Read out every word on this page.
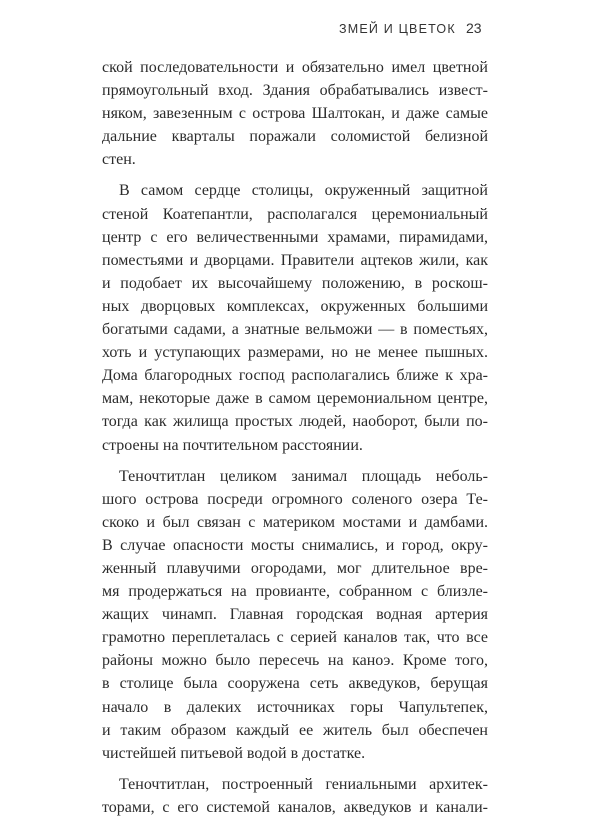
ЗМЕЙ И ЦВЕТОК 23
ской последовательности и обязательно имел цветной
прямоугольный вход. Здания обрабатывались извест-
няком, завезенным с острова Шалтокан, и даже самые
дальние кварталы поражали соломистой белизной
стен.
В самом сердце столицы, окруженный защитной
стеной Коатепантли, располагался церемониальный
центр с его величественными храмами, пирамидами,
поместьями и дворцами. Правители ацтеков жили, как
и подобает их высочайшему положению, в роскош-
ных дворцовых комплексах, окруженных большими
богатыми садами, а знатные вельможи — в поместьях,
хоть и уступающих размерами, но не менее пышных.
Дома благородных господ располагались ближе к хра-
мам, некоторые даже в самом церемониальном центре,
тогда как жилища простых людей, наоборот, были по-
строены на почтительном расстоянии.
Теночтитлан целиком занимал площадь неболь-
шого острова посреди огромного соленого озера Те-
скоко и был связан с материком мостами и дамбами.
В случае опасности мосты снимались, и город, окру-
женный плавучими огородами, мог длительное вре-
мя продержаться на провианте, собранном с близле-
жащих чинамп. Главная городская водная артерия
грамотно переплеталась с серией каналов так, что все
районы можно было пересечь на каноэ. Кроме того,
в столице была сооружена сеть акведуков, берущая
начало в далеких источниках горы Чапультепек,
и таким образом каждый ее житель был обеспечен
чистейшей питьевой водой в достатке.
Теночтитлан, построенный гениальными архитек-
торами, с его системой каналов, акведуков и канали-
